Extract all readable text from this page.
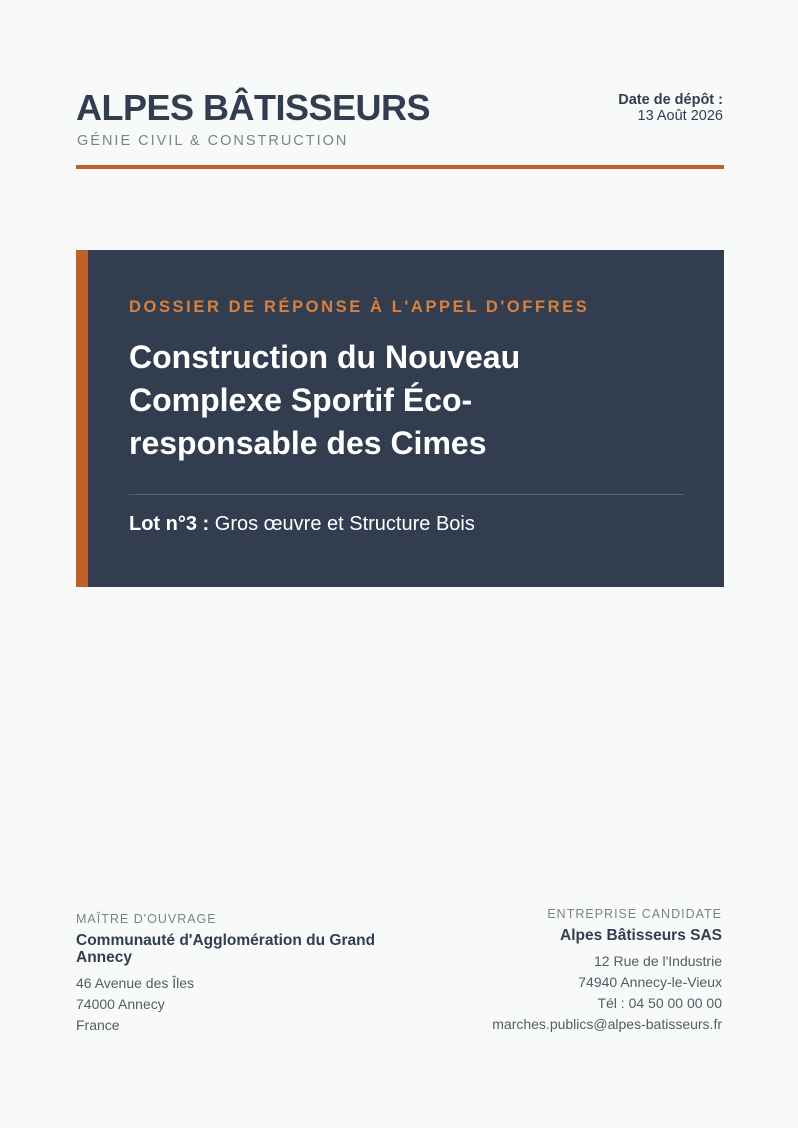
ALPES BÂTISSEURS
GÉNIE CIVIL & CONSTRUCTION
Date de dépôt :
13 Août 2026
DOSSIER DE RÉPONSE À L'APPEL D'OFFRES
Construction du Nouveau Complexe Sportif Éco-responsable des Cimes
Lot n°3 : Gros œuvre et Structure Bois
MAÎTRE D'OUVRAGE
Communauté d'Agglomération du Grand Annecy
46 Avenue des Îles
74000 Annecy
France
ENTREPRISE CANDIDATE
Alpes Bâtisseurs SAS
12 Rue de l'Industrie
74940 Annecy-le-Vieux
Tél : 04 50 00 00 00
marches.publics@alpes-batisseurs.fr
